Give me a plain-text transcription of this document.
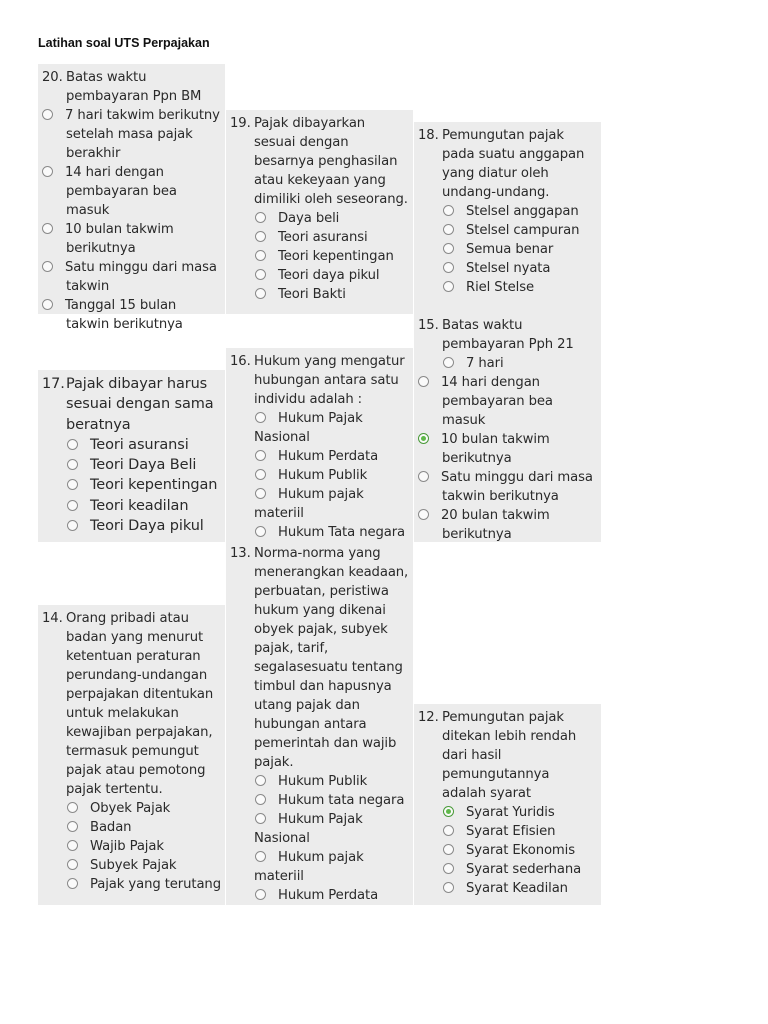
Latihan soal UTS Perpajakan
20. Batas waktu pembayaran Ppn BM
7 hari takwim berikutny setelah masa pajak berakhir
14 hari dengan pembayaran bea masuk
10 bulan takwim berikutnya
Satu minggu dari masa takwin
Tanggal 15 bulan takwin berikutnya
19. Pajak dibayarkan sesuai dengan besarnya penghasilan atau kekeyaan yang dimiliki oleh seseorang.
Daya beli
Teori asuransi
Teori kepentingan
Teori daya pikul
Teori Bakti
18. Pemungutan pajak pada suatu anggapan yang diatur oleh undang-undang.
Stelsel anggapan
Stelsel campuran
Semua benar
Stelsel nyata
Riel Stelse
17. Pajak dibayar harus sesuai dengan sama beratnya
Teori asuransi
Teori Daya Beli
Teori kepentingan
Teori keadilan
Teori Daya pikul
16. Hukum yang mengatur hubungan antara satu individu adalah :
Hukum Pajak Nasional
Hukum Perdata
Hukum Publik
Hukum pajak materiil
Hukum Tata negara
15. Batas waktu pembayaran Pph 21
7 hari
14 hari dengan pembayaran bea masuk
10 bulan takwim berikutnya
Satu minggu dari masa takwin berikutnya
20 bulan takwim berikutnya
14. Orang pribadi atau badan yang menurut ketentuan peraturan perundang-undangan perpajakan ditentukan untuk melakukan kewajiban perpajakan, termasuk pemungut pajak atau pemotong pajak tertentu.
Obyek Pajak
Badan
Wajib Pajak
Subyek Pajak
Pajak yang terutang
13. Norma-norma yang menerangkan keadaan, perbuatan, peristiwa hukum yang dikenai obyek pajak, subyek pajak, tarif, segalasesuatu tentang timbul dan hapusnya utang pajak dan hubungan antara pemerintah dan wajib pajak.
Hukum Publik
Hukum tata negara
Hukum Pajak Nasional
Hukum pajak materiil
Hukum Perdata
12. Pemungutan pajak ditekan lebih rendah dari hasil pemungutannya adalah syarat
Syarat Yuridis
Syarat Efisien
Syarat Ekonomis
Syarat sederhana
Syarat Keadilan
